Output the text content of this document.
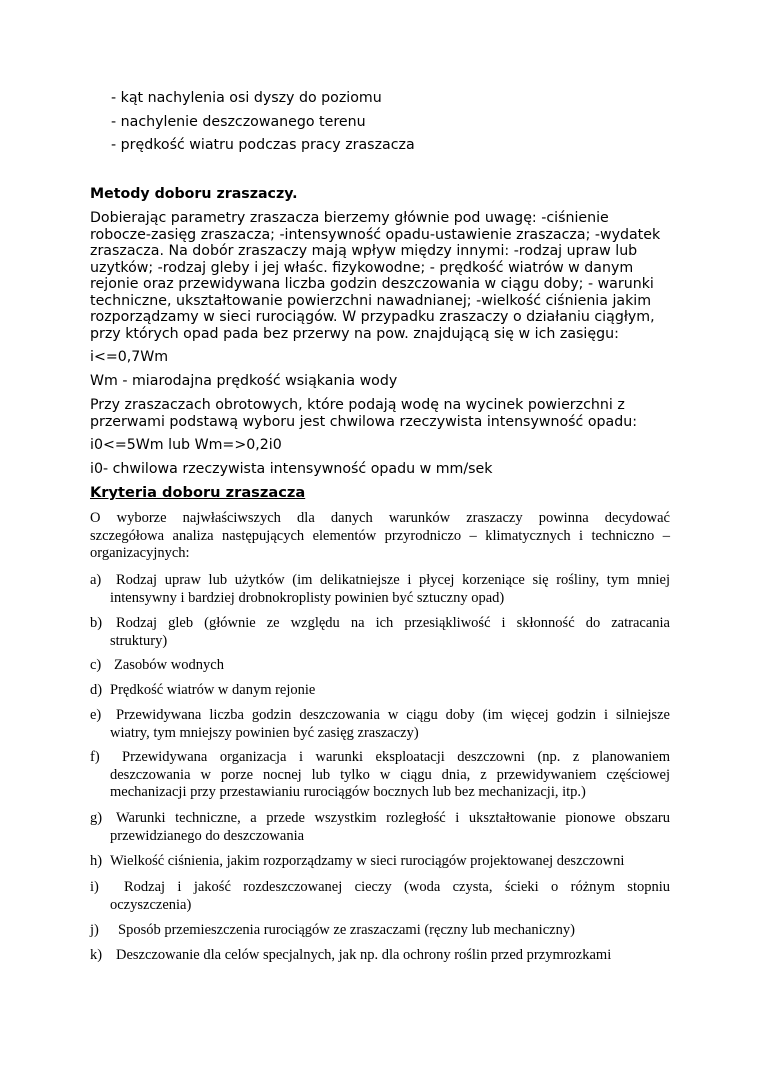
- kąt nachylenia osi dyszy do poziomu
- nachylenie deszczowanego terenu
- prędkość wiatru podczas pracy zraszacza
Metody doboru zraszaczy.
Dobierając parametry zraszacza bierzemy głównie pod uwagę: -ciśnienie
robocze-zasięg zraszacza; -intensywność opadu-ustawienie zraszacza; -wydatek
zraszacza. Na dobór zraszaczy mają wpływ między innymi: -rodzaj upraw lub
uzytków; -rodzaj gleby i jej właśc. fizykowodne; - prędkość wiatrów w danym
rejonie oraz przewidywana liczba godzin deszczowania w ciągu doby; - warunki
techniczne, ukształtowanie powierzchni nawadnianej; -wielkość ciśnienia jakim
rozporządzamy w sieci rurociągów. W przypadku zraszaczy o działaniu ciągłym,
przy których opad pada bez przerwy na pow. znajdującą się w ich zasięgu:
i<=0,7Wm
Wm - miarodajna prędkość wsiąkania wody
Przy zraszaczach obrotowych, które podają wodę na wycinek powierzchni z
przerwami podstawą wyboru jest chwilowa rzeczywista intensywność opadu:
i0<=5Wm lub Wm=>0,2i0
i0- chwilowa rzeczywista intensywność opadu w mm/sek
Kryteria doboru zraszacza
O wyborze najwłaściwszych dla danych warunków zraszaczy powinna decydować
szczegółowa analiza następujących elementów przyrodniczo – klimatycznych i techniczno –
organizacyjnych:
a)	Rodzaj upraw lub użytków (im delikatniejsze i płycej korzeniące się rośliny, tym mniej
intensywny i bardziej drobnokroplisty powinien być sztuczny opad)
b) Rodzaj gleb (głównie ze względu na ich przesiąkliwość i skłonność do zatracania
struktury)
c) Zasobów wodnych
d) Prędkość wiatrów w danym rejonie
e)	Przewidywana liczba godzin deszczowania w ciągu doby (im więcej godzin i silniejsze
wiatry, tym mniejszy powinien być zasięg zraszaczy)
f)	Przewidywana organizacja i warunki eksploatacji deszczowni (np. z planowaniem
deszczowania w porze nocnej lub tylko w ciągu dnia, z przewidywaniem częściowej
mechanizacji przy przestawianiu rurociągów bocznych lub bez mechanizacji, itp.)
g) Warunki techniczne, a przede wszystkim rozległość i ukształtowanie pionowe obszaru
przewidzianego do deszczowania
h) Wielkość ciśnienia, jakim rozporządzamy w sieci rurociągów projektowanej deszczowni
i)	Rodzaj i jakość rozdeszczowanej cieczy (woda czysta, ścieki o różnym stopniu
oczyszczenia)
j)	Sposób przemieszczenia rurociągów ze zraszaczami (ręczny lub mechaniczny)
k) Deszczowanie dla celów specjalnych, jak np. dla ochrony roślin przed przymrozkami
